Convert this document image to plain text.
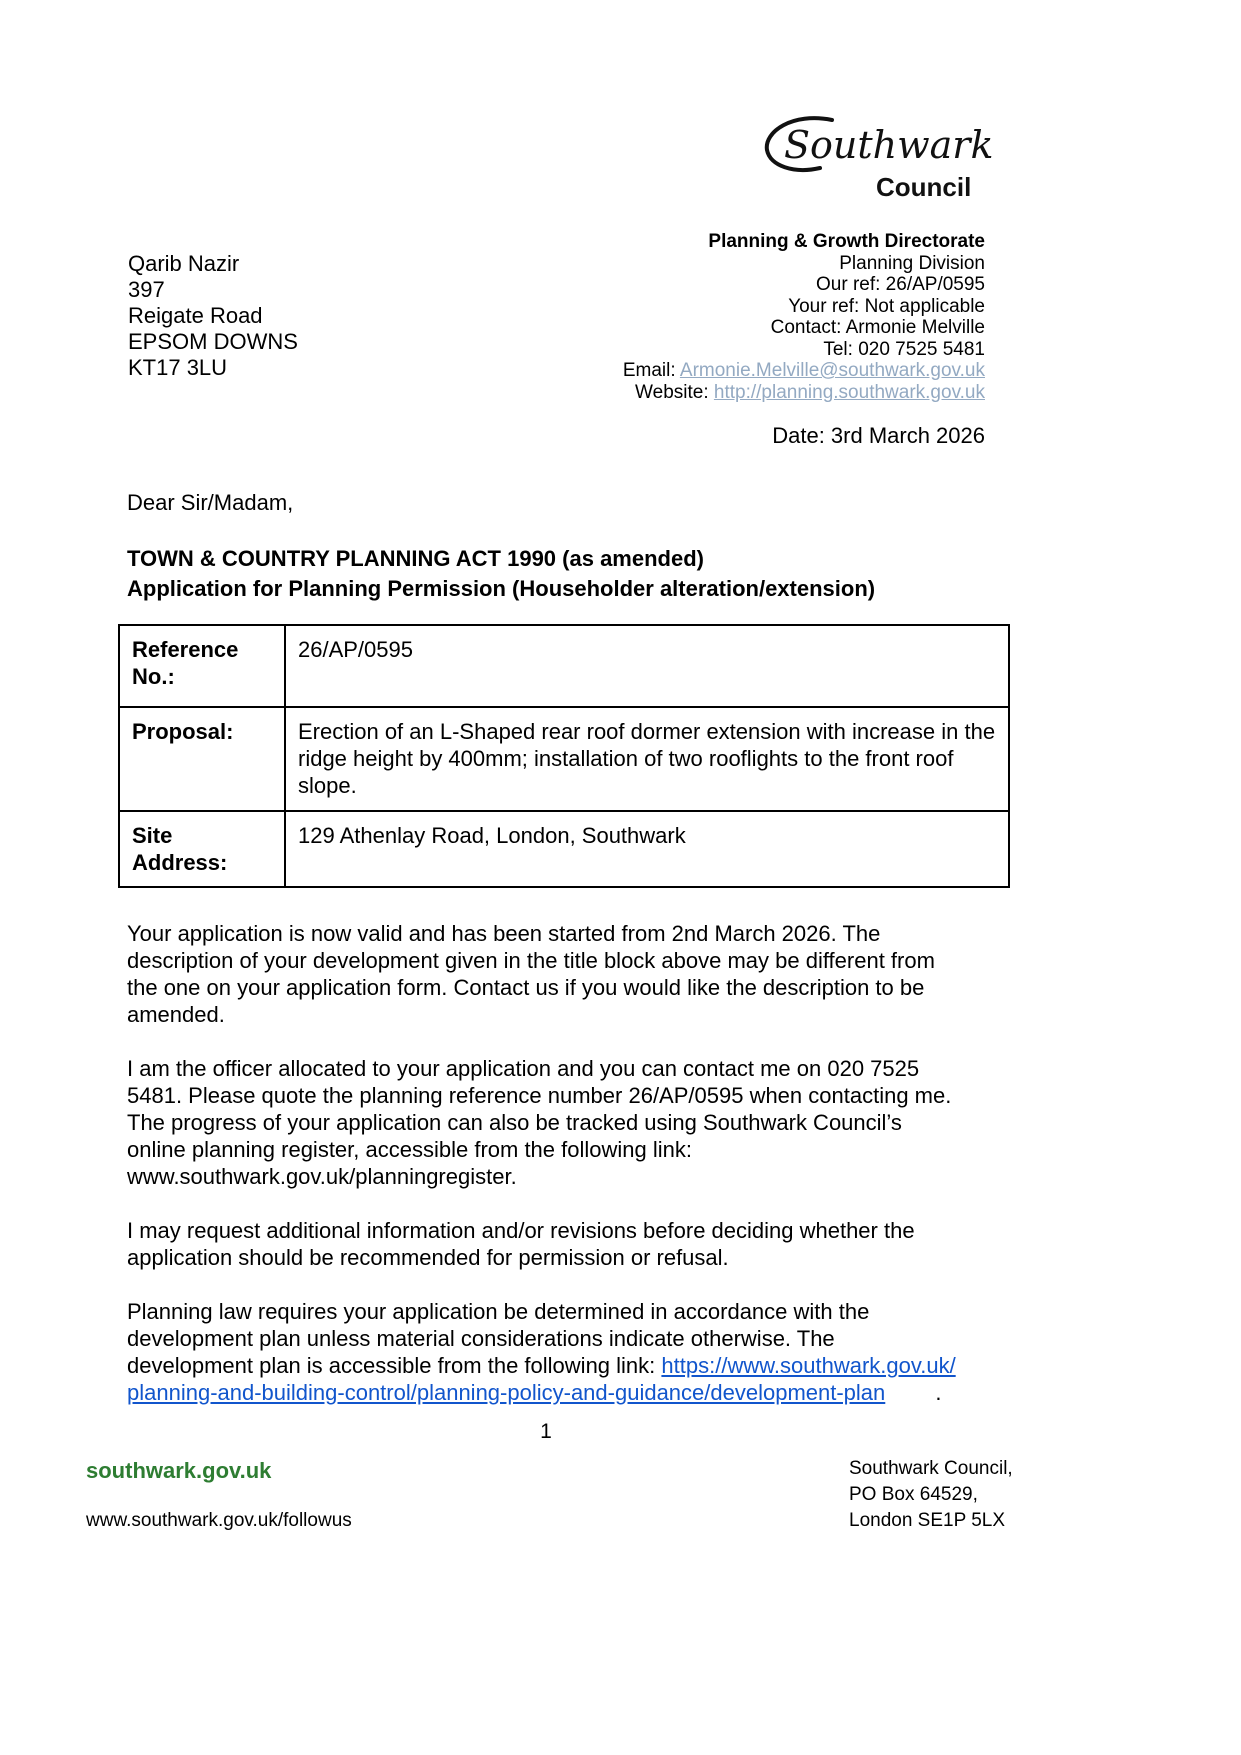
Southwark
Council
Planning & Growth Directorate
Planning Division
Our ref: 26/AP/0595
Your ref: Not applicable
Contact: Armonie Melville
Tel: 020 7525 5481
Email: Armonie.Melville@southwark.gov.uk
Website: http://planning.southwark.gov.uk
Qarib Nazir
397
Reigate Road
EPSOM DOWNS
KT17 3LU
Date: 3rd March 2026
Dear Sir/Madam,
TOWN & COUNTRY PLANNING ACT 1990 (as amended)
Application for Planning Permission (Householder alteration/extension)
Reference No.:	26/AP/0595
Proposal:	Erection of an L-Shaped rear roof dormer extension with increase in the ridge height by 400mm; installation of two rooflights to the front roof slope.
Site Address:	129 Athenlay Road, London, Southwark

Your application is now valid and has been started from 2nd March 2026. The description of your development given in the title block above may be different from the one on your application form. Contact us if you would like the description to be amended.

I am the officer allocated to your application and you can contact me on 020 7525 5481. Please quote the planning reference number 26/AP/0595 when contacting me. The progress of your application can also be tracked using Southwark Council’s online planning register, accessible from the following link: www.southwark.gov.uk/planningregister.

I may request additional information and/or revisions before deciding whether the application should be recommended for permission or refusal.

Planning law requires your application be determined in accordance with the development plan unless material considerations indicate otherwise. The development plan is accessible from the following link: https://www.southwark.gov.uk/planning-and-building-control/planning-policy-and-guidance/development-plan .

1
southwark.gov.uk
www.southwark.gov.uk/followus
Southwark Council,
PO Box 64529,
London SE1P 5LX
